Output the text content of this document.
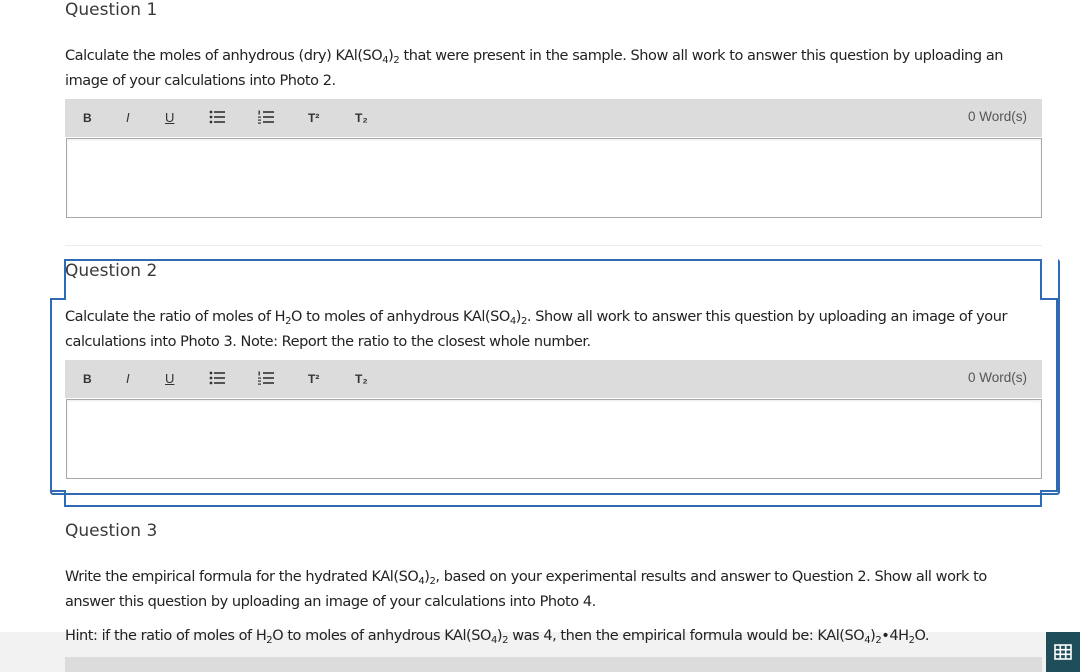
Question 1
Calculate the moles of anhydrous (dry) $KAl(SO_4)_2$ that were present in the sample. Show all work to answer this question by uploading an image of your calculations into Photo 2.
B	I	U	T²	T₂	0 Word(s)
Question 2
Calculate the ratio of moles of $H_2O$ to moles of anhydrous $KAl(SO_4)_2$. Show all work to answer this question by uploading an image of your calculations into Photo 3. Note: Report the ratio to the closest whole number.
B	I	U	T²	T₂	0 Word(s)
Question 3
Write the empirical formula for the hydrated $KAl(SO_4)_2$, based on your experimental results and answer to Question 2. Show all work to answer this question by uploading an image of your calculations into Photo 4.
Hint: if the ratio of moles of $H_2O$ to moles of anhydrous $KAl(SO_4)_2$ was 4, then the empirical formula would be: $KAl(SO_4)_2•4H_2O$.
